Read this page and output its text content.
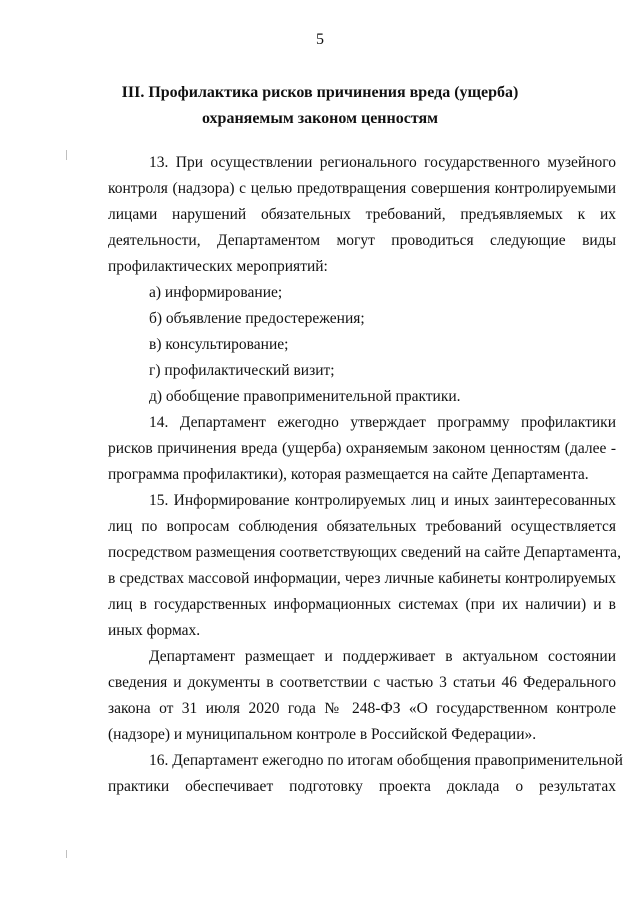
5
III. Профилактика рисков причинения вреда (ущерба)
охраняемым законом ценностям
13. При осуществлении регионального государственного музейного
контроля (надзора) с целью предотвращения совершения контролируемыми
лицами нарушений обязательных требований, предъявляемых к их
деятельности, Департаментом могут проводиться следующие виды
профилактических мероприятий:
а) информирование;
б) объявление предостережения;
в) консультирование;
г) профилактический визит;
д) обобщение правоприменительной практики.
14. Департамент ежегодно утверждает программу профилактики
рисков причинения вреда (ущерба) охраняемым законом ценностям (далее -
программа профилактики), которая размещается на сайте Департамента.
15. Информирование контролируемых лиц и иных заинтересованных
лиц по вопросам соблюдения обязательных требований осуществляется
посредством размещения соответствующих сведений на сайте Департамента,
в средствах массовой информации, через личные кабинеты контролируемых
лиц в государственных информационных системах (при их наличии) и в
иных формах.
Департамент размещает и поддерживает в актуальном состоянии
сведения и документы в соответствии с частью 3 статьи 46 Федерального
закона от 31 июля 2020 года № 248-ФЗ «О государственном контроле
(надзоре) и муниципальном контроле в Российской Федерации».
16. Департамент ежегодно по итогам обобщения правоприменительной
практики обеспечивает подготовку проекта доклада о результатах
